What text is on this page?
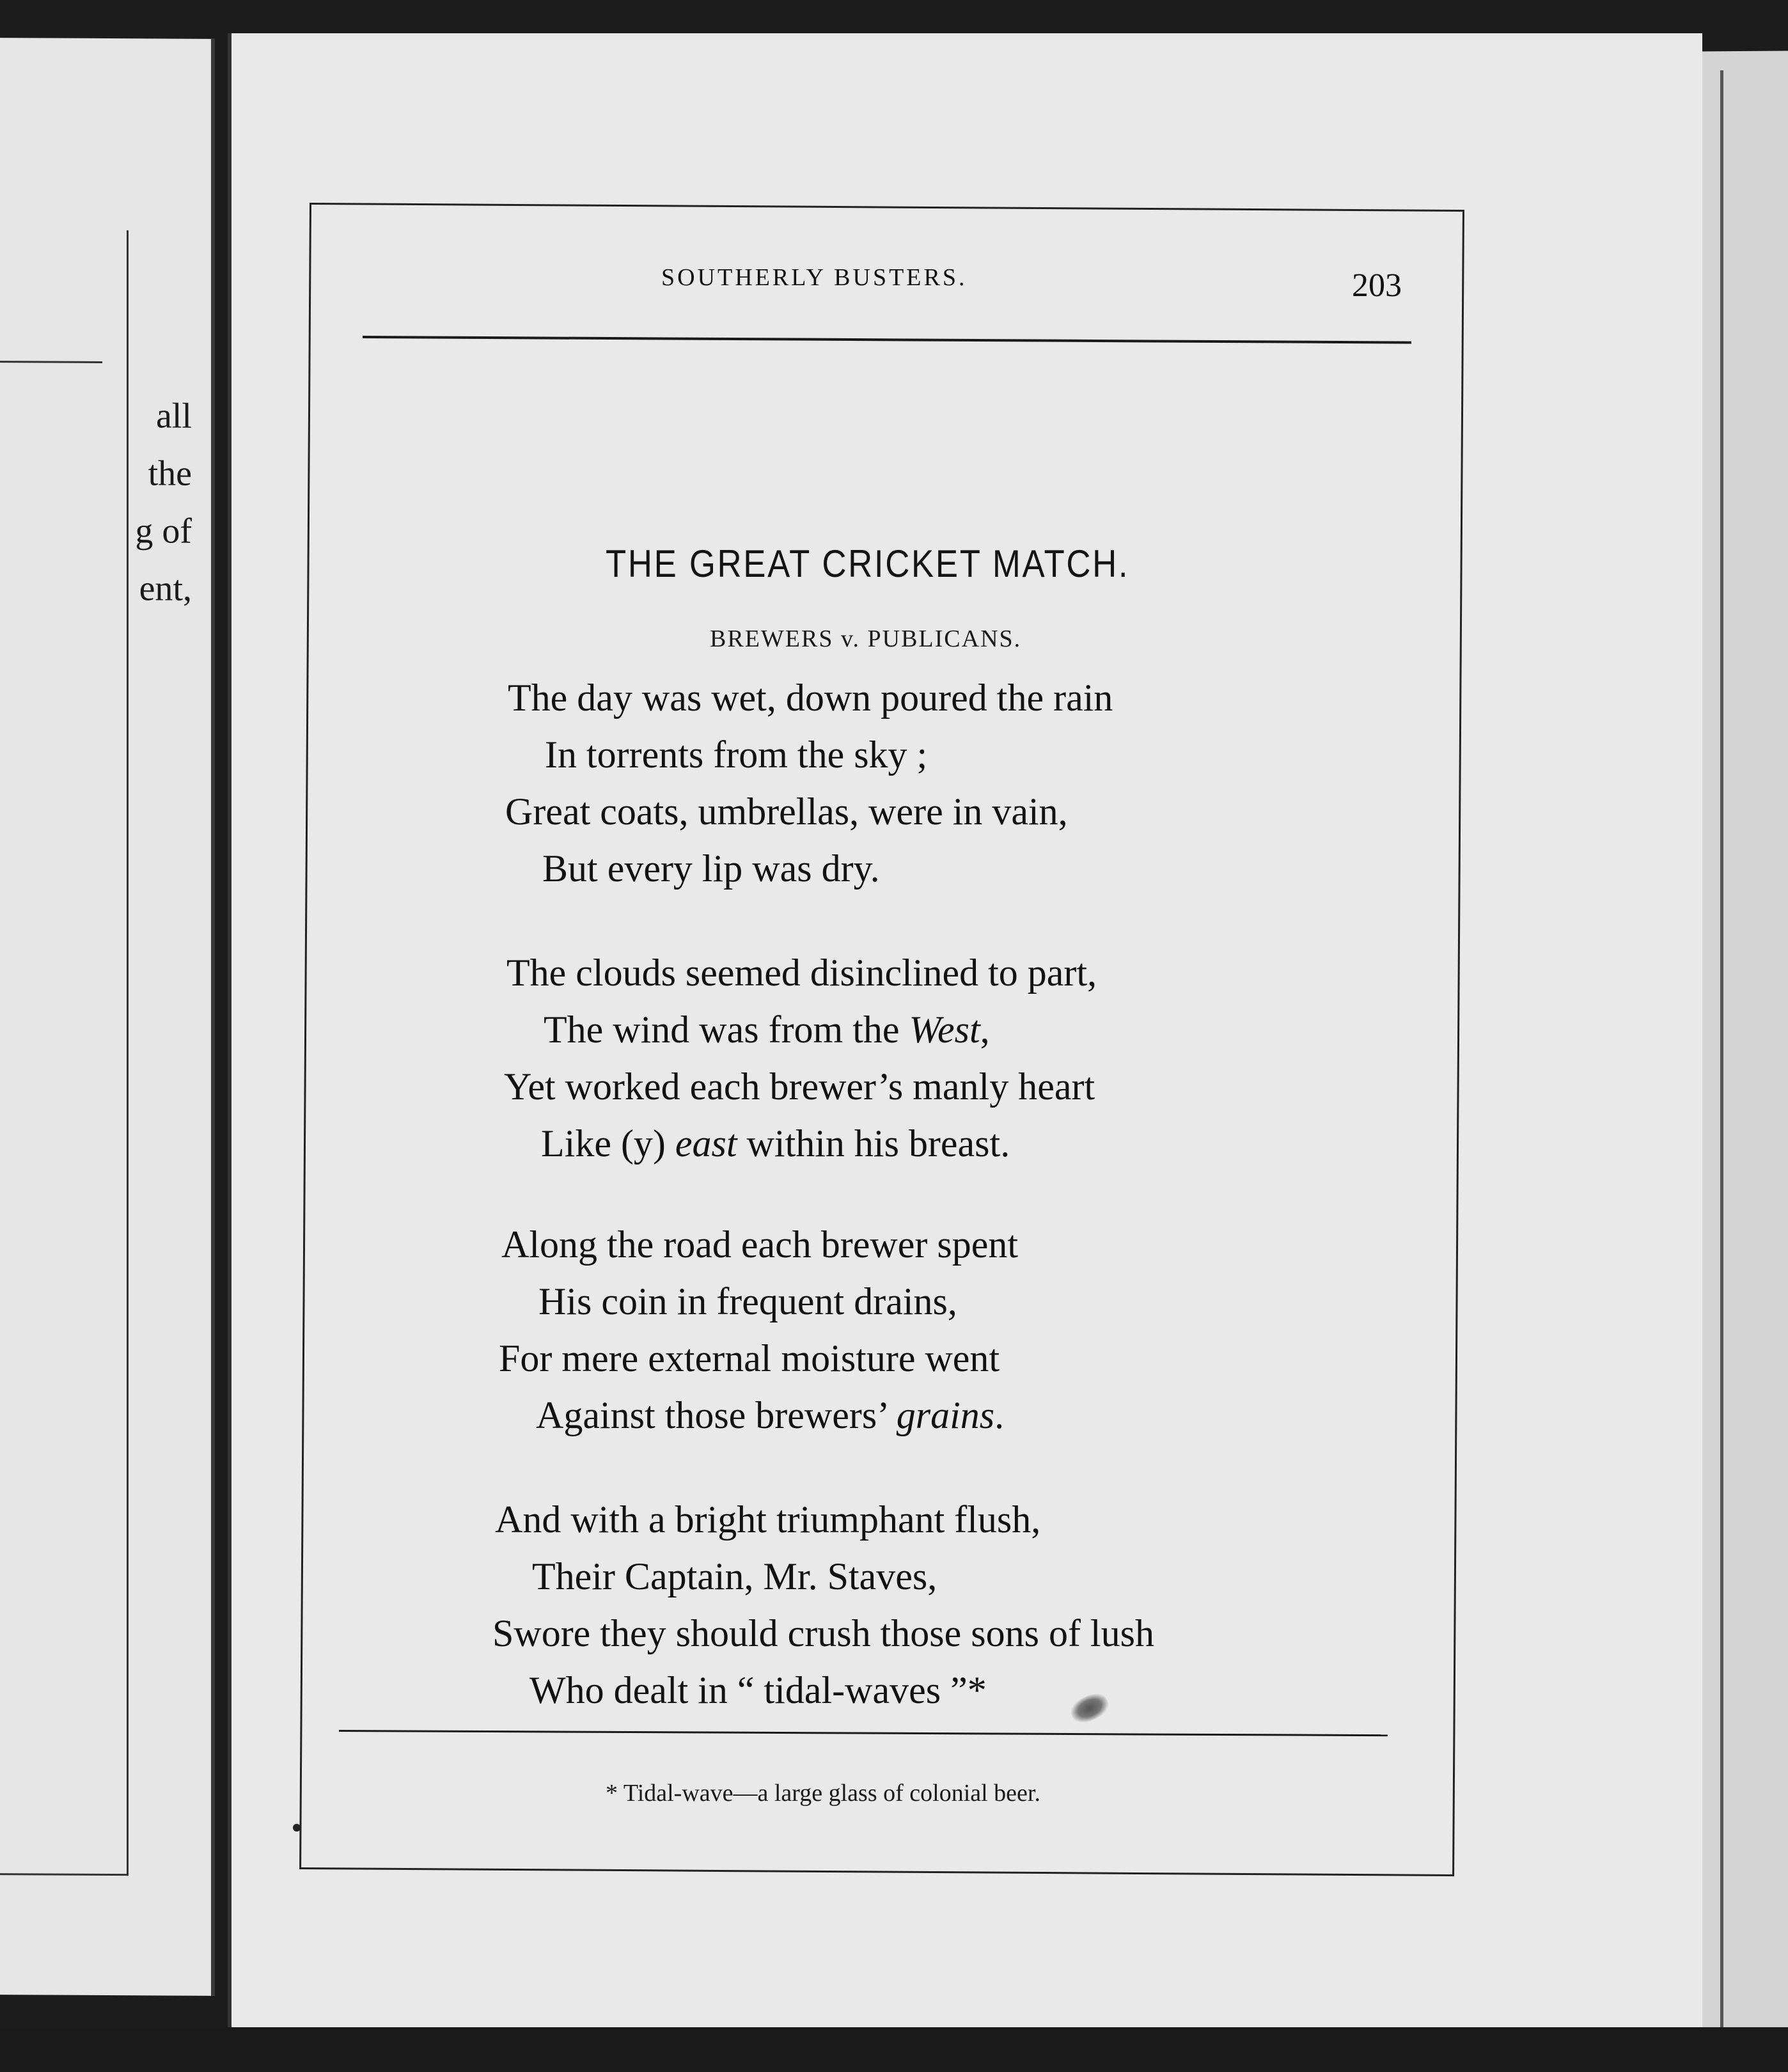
all
the
g of
ent,
SOUTHERLY BUSTERS.	203
THE GREAT CRICKET MATCH.
BREWERS v. PUBLICANS.
The day was wet, down poured the rain
In torrents from the sky ;
Great coats, umbrellas, were in vain,
But every lip was dry.
The clouds seemed disinclined to part,
The wind was from the West,
Yet worked each brewer’s manly heart
Like (y) east within his breast.
Along the road each brewer spent
His coin in frequent drains,
For mere external moisture went
Against those brewers’ grains.
And with a bright triumphant flush,
Their Captain, Mr. Staves,
Swore they should crush those sons of lush
Who dealt in “ tidal-waves ”*
* Tidal-wave—a large glass of colonial beer.
